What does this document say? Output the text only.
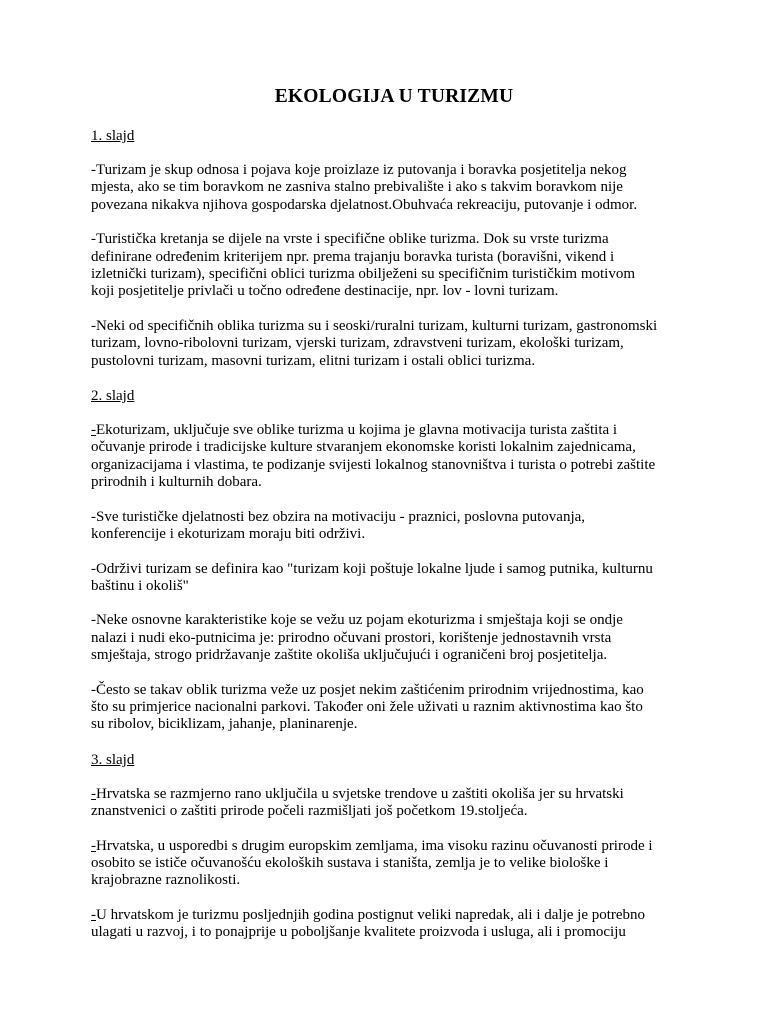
EKOLOGIJA U TURIZMU
1. slajd
-Turizam je skup odnosa i pojava koje proizlaze iz putovanja i boravka posjetitelja nekog
mjesta, ako se tim boravkom ne zasniva stalno prebivalište i ako s takvim boravkom nije
povezana nikakva njihova gospodarska djelatnost.Obuhvaća rekreaciju, putovanje i odmor.
-Turistička kretanja se dijele na vrste i specifične oblike turizma. Dok su vrste turizma
definirane određenim kriterijem npr. prema trajanju boravka turista (boravišni, vikend i
izletnički turizam), specifični oblici turizma obilježeni su specifičnim turističkim motivom
koji posjetitelje privlači u točno određene destinacije, npr. lov - lovni turizam.
-Neki od specifičnih oblika turizma su i seoski/ruralni turizam, kulturni turizam, gastronomski
turizam, lovno-ribolovni turizam, vjerski turizam, zdravstveni turizam, ekološki turizam,
pustolovni turizam, masovni turizam, elitni turizam i ostali oblici turizma.
2. slajd
-Ekoturizam, uključuje sve oblike turizma u kojima je glavna motivacija turista zaštita i
očuvanje prirode i tradicijske kulture stvaranjem ekonomske koristi lokalnim zajednicama,
organizacijama i vlastima, te podizanje svijesti lokalnog stanovništva i turista o potrebi zaštite
prirodnih i kulturnih dobara.
-Sve turističke djelatnosti bez obzira na motivaciju - praznici, poslovna putovanja,
konferencije i ekoturizam moraju biti održivi.
-Održivi turizam se definira kao "turizam koji poštuje lokalne ljude i samog putnika, kulturnu
baštinu i okoliš"
-Neke osnovne karakteristike koje se vežu uz pojam ekoturizma i smještaja koji se ondje
nalazi i nudi eko-putnicima je: prirodno očuvani prostori, korištenje jednostavnih vrsta
smještaja, strogo pridržavanje zaštite okoliša uključujući i ograničeni broj posjetitelja.
-Često se takav oblik turizma veže uz posjet nekim zaštićenim prirodnim vrijednostima, kao
što su primjerice nacionalni parkovi. Također oni žele uživati u raznim aktivnostima kao što
su ribolov, biciklizam, jahanje, planinarenje.
3. slajd
-Hrvatska se razmjerno rano uključila u svjetske trendove u zaštiti okoliša jer su hrvatski
znanstvenici o zaštiti prirode počeli razmišljati još početkom 19.stoljeća.
-Hrvatska, u usporedbi s drugim europskim zemljama, ima visoku razinu očuvanosti prirode i
osobito se ističe očuvanošću ekoloških sustava i staništa, zemlja je to velike biološke i
krajobrazne raznolikosti.
-U hrvatskom je turizmu posljednjih godina postignut veliki napredak, ali i dalje je potrebno
ulagati u razvoj, i to ponajprije u poboljšanje kvalitete proizvoda i usluga, ali i promociju
